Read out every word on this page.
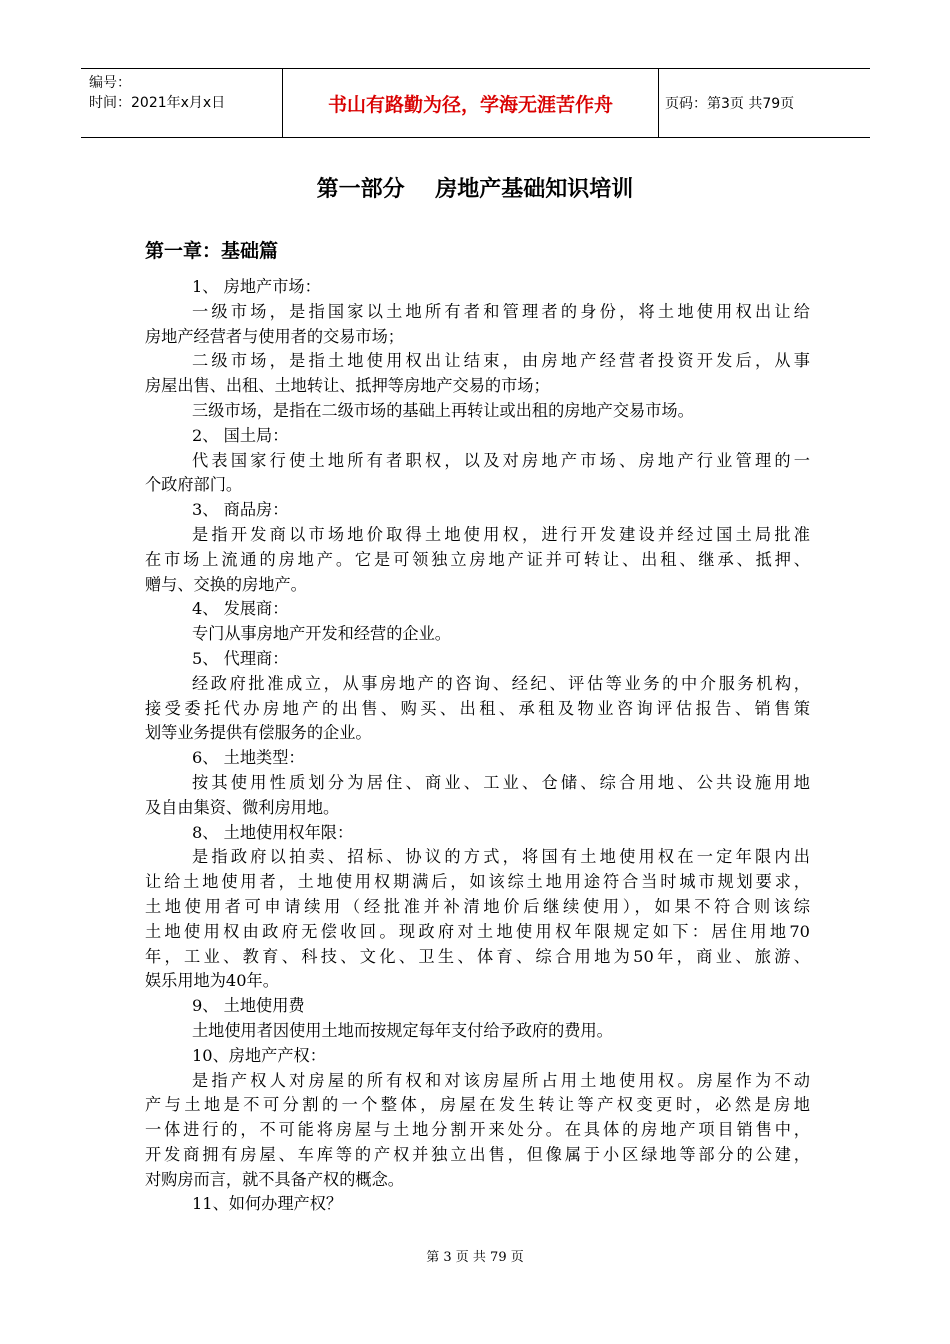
编号：
时间：2021年x月x日	书山有路勤为径，学海无涯苦作舟	页码：第3页 共79页
第一部分    房地产基础知识培训
第一章：基础篇
1、 房地产市场：
一级市场，是指国家以土地所有者和管理者的身份，将土地使用权出让给
房地产经营者与使用者的交易市场；
二级市场，是指土地使用权出让结束，由房地产经营者投资开发后，从事
房屋出售、出租、土地转让、抵押等房地产交易的市场；
三级市场，是指在二级市场的基础上再转让或出租的房地产交易市场。
2、 国土局：
代表国家行使土地所有者职权，以及对房地产市场、房地产行业管理的一
个政府部门。
3、 商品房：
是指开发商以市场地价取得土地使用权，进行开发建设并经过国土局批准
在市场上流通的房地产。它是可领独立房地产证并可转让、出租、继承、抵押、
赠与、交换的房地产。
4、 发展商：
专门从事房地产开发和经营的企业。
5、 代理商：
经政府批准成立，从事房地产的咨询、经纪、评估等业务的中介服务机构，
接受委托代办房地产的出售、购买、出租、承租及物业咨询评估报告、销售策
划等业务提供有偿服务的企业。
6、 土地类型：
按其使用性质划分为居住、商业、工业、仓储、综合用地、公共设施用地
及自由集资、微利房用地。
8、 土地使用权年限：
是指政府以拍卖、招标、协议的方式，将国有土地使用权在一定年限内出
让给土地使用者，土地使用权期满后，如该综土地用途符合当时城市规划要求，
土地使用者可申请续用（经批准并补清地价后继续使用），如果不符合则该综
土地使用权由政府无偿收回。现政府对土地使用权年限规定如下：居住用地70
年，工业、教育、科技、文化、卫生、体育、综合用地为50年，商业、旅游、
娱乐用地为40年。
9、 土地使用费
土地使用者因使用土地而按规定每年支付给予政府的费用。
10、房地产产权：
是指产权人对房屋的所有权和对该房屋所占用土地使用权。房屋作为不动
产与土地是不可分割的一个整体，房屋在发生转让等产权变更时，必然是房地
一体进行的，不可能将房屋与土地分割开来处分。在具体的房地产项目销售中，
开发商拥有房屋、车库等的产权并独立出售，但像属于小区绿地等部分的公建，
对购房而言，就不具备产权的概念。
11、如何办理产权？
第 3 页 共 79 页
